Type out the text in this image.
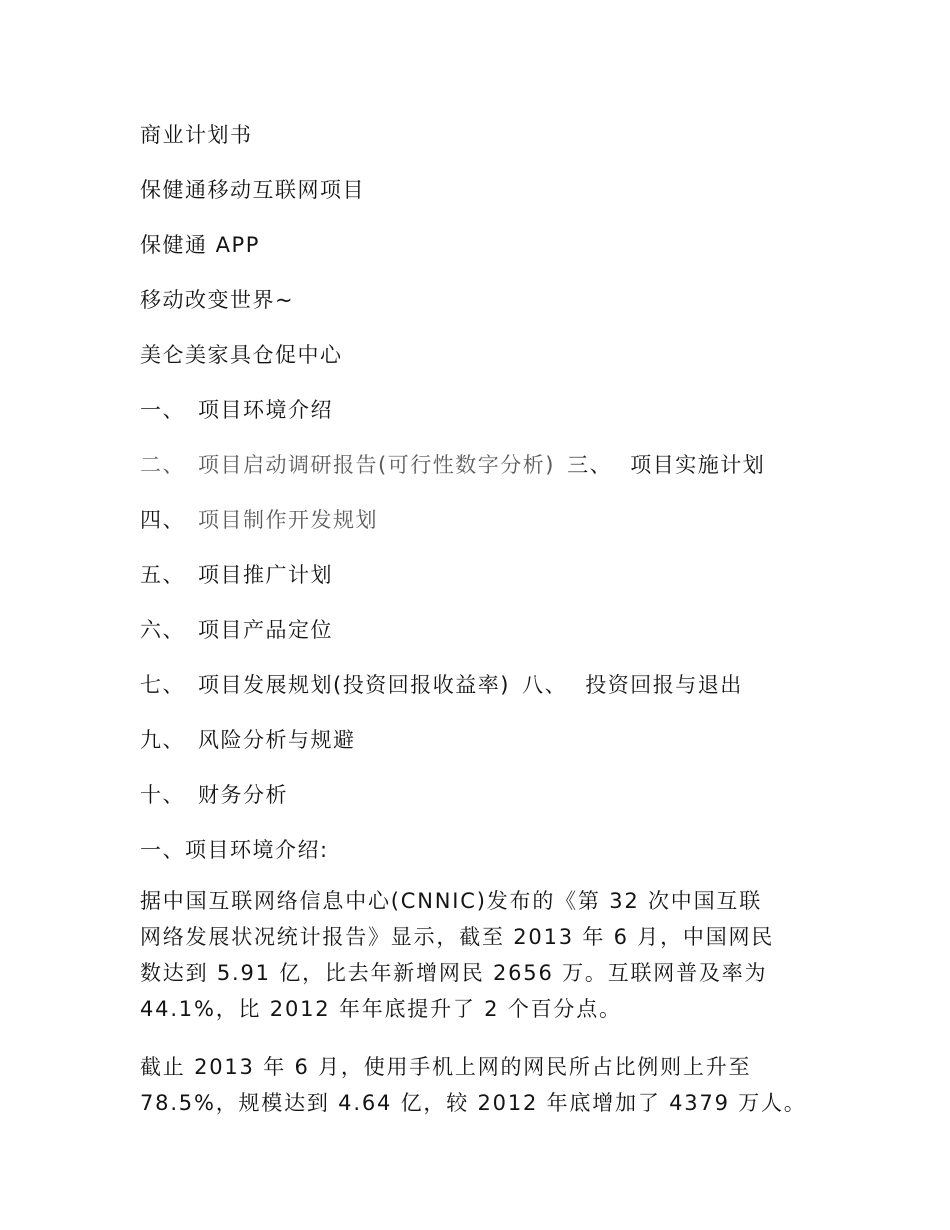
商业计划书
保健通移动互联网项目
保健通 APP
移动改变世界~
美仑美家具仓促中心
一、 项目环境介绍
二、 项目启动调研报告(可行性数字分析) 三、 项目实施计划
四、 项目制作开发规划
五、 项目推广计划
六、 项目产品定位
七、 项目发展规划(投资回报收益率) 八、 投资回报与退出
九、 风险分析与规避
十、 财务分析
一、项目环境介绍:
据中国互联网络信息中心(CNNIC)发布的《第 32 次中国互联
网络发展状况统计报告》显示，截至 2013 年 6 月，中国网民
数达到 5.91 亿，比去年新增网民 2656 万。互联网普及率为
44.1%，比 2012 年年底提升了 2 个百分点。
截止 2013 年 6 月，使用手机上网的网民所占比例则上升至
78.5%，规模达到 4.64 亿，较 2012 年底增加了 4379 万人。
